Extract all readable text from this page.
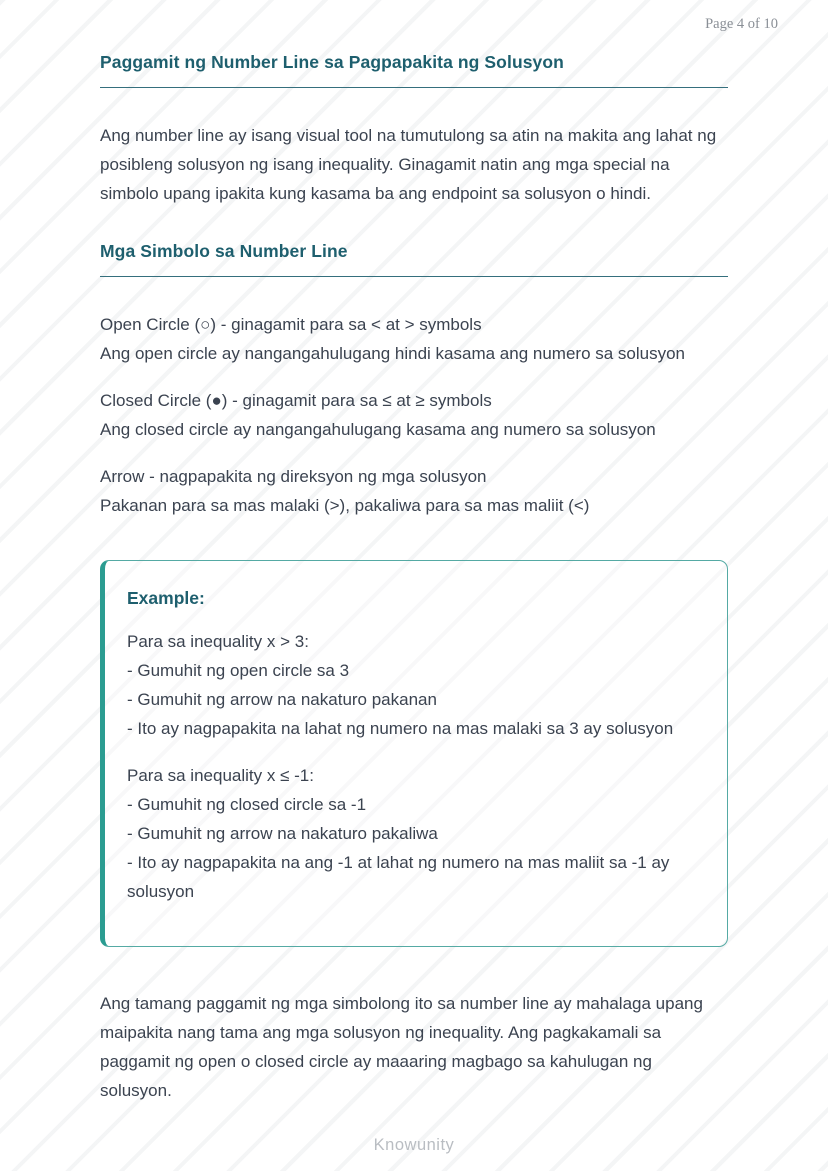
Page 4 of 10
Paggamit ng Number Line sa Pagpapakita ng Solusyon

Ang number line ay isang visual tool na tumutulong sa atin na makita ang lahat ng posibleng solusyon ng isang inequality. Ginagamit natin ang mga special na simbolo upang ipakita kung kasama ba ang endpoint sa solusyon o hindi.

Mga Simbolo sa Number Line
Open Circle (○) - ginagamit para sa < at > symbols
Ang open circle ay nangangahulugang hindi kasama ang numero sa solusyon
Closed Circle (●) - ginagamit para sa ≤ at ≥ symbols
Ang closed circle ay nangangahulugang kasama ang numero sa solusyon
Arrow - nagpapakita ng direksyon ng mga solusyon
Pakanan para sa mas malaki (>), pakaliwa para sa mas maliit (<)
Example:
Para sa inequality x > 3:
- Gumuhit ng open circle sa 3
- Gumuhit ng arrow na nakaturo pakanan
- Ito ay nagpapakita na lahat ng numero na mas malaki sa 3 ay solusyon
Para sa inequality x ≤ -1:
- Gumuhit ng closed circle sa -1
- Gumuhit ng arrow na nakaturo pakaliwa
- Ito ay nagpapakita na ang -1 at lahat ng numero na mas maliit sa -1 ay solusyon

Ang tamang paggamit ng mga simbolong ito sa number line ay mahalaga upang maipakita nang tama ang mga solusyon ng inequality. Ang pagkakamali sa paggamit ng open o closed circle ay maaaring magbago sa kahulugan ng solusyon.

Knowunity
